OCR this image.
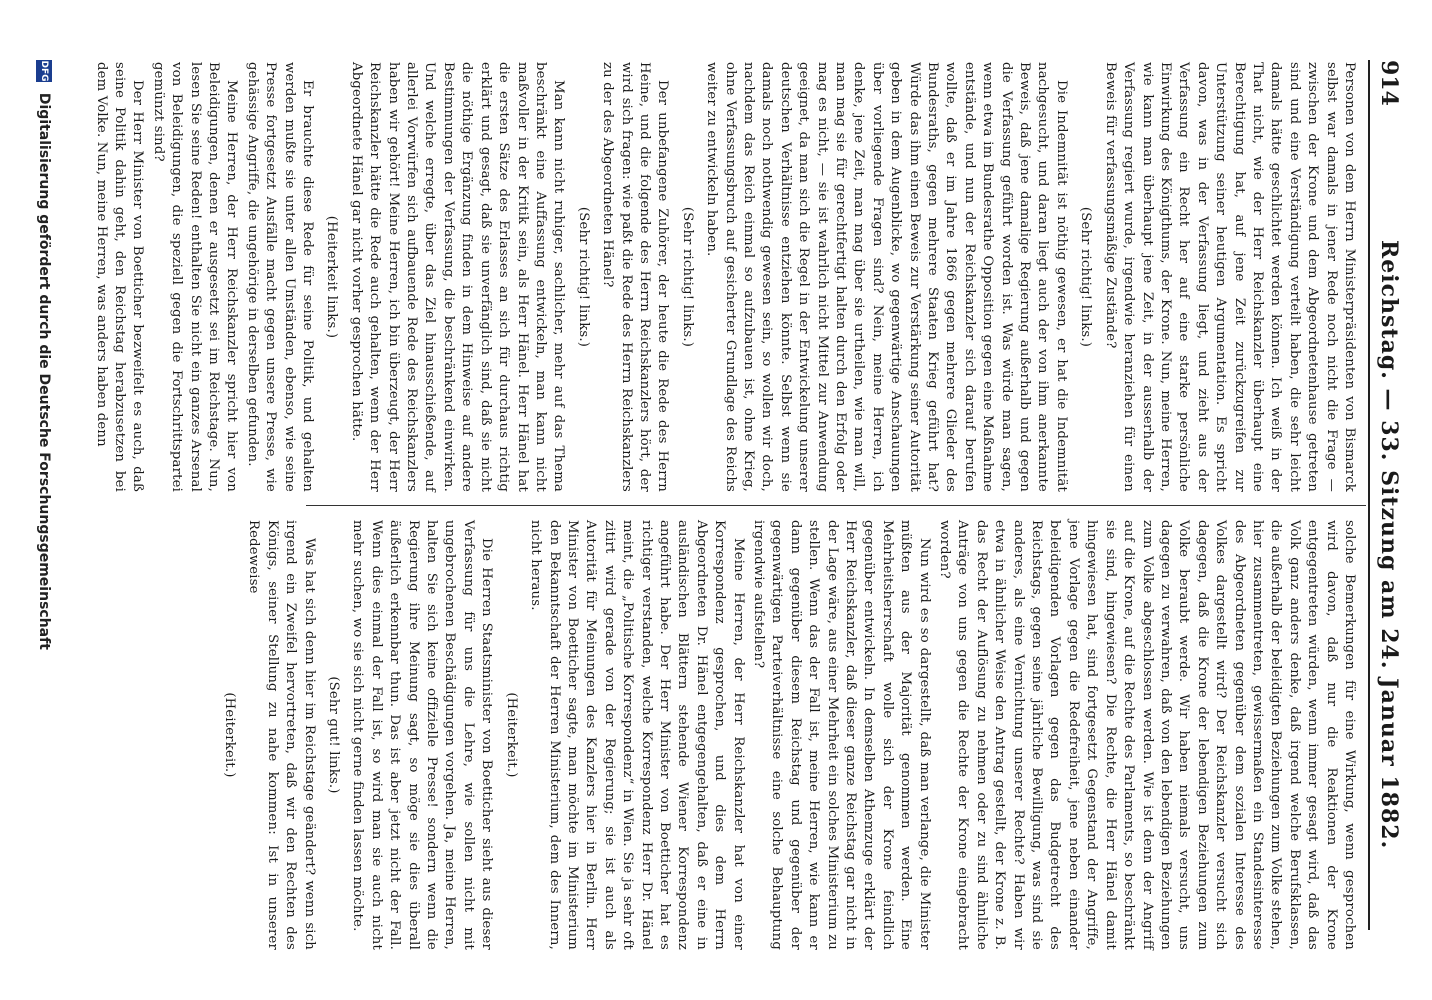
914
Reichstag. — 33. Sitzung am 24. Januar 1882.

Personen von dem Herrn Ministerpräsidenten von Bismarck selbst war damals in jener Rede noch nicht die Frage — zwischen der Krone und dem Abgeordnetenhause getreten sind und eine Verständigung verteilt haben, die sehr leicht damals hätte geschlichtet werden können. Ich weiß in der That nicht, wie der Herr Reichskanzler überhaupt eine Berechtigung hat, auf jene Zeit zurückzugreifen zur Unterstützung seiner heutigen Argumentation. Es spricht davon, was in der Verfassung liegt, und zieht aus der Verfassung ein Recht her auf eine starke persönliche Einwirkung des Königthums, der Krone. Nun, meine Herren, wie kann man überhaupt jene Zeit, in der ausserhalb der Verfassung regiert wurde, irgendwie heranziehen für einen Beweis für verfassungsmäßige Zustände?

(Sehr richtig! links.)

Die Indemnität ist nöthig gewesen, er hat die Indemnität nachgesucht, und daran liegt auch der von ihm anerkannte Beweis, daß jene damalige Regierung außerhalb und gegen die Verfassung geführt worden ist. Was würde man sagen, wenn etwa im Bundesrathe Opposition gegen eine Maßnahme entstände, und nun der Reichskanzler sich darauf berufen wollte, daß er im Jahre 1866 gegen mehrere Glieder des Bundesraths, gegen mehrere Staaten Krieg geführt hat? Würde das ihm einen Beweis zur Verstärkung seiner Autorität geben in dem Augenblicke, wo gegenwärtige Anschauungen über vorliegende Fragen sind? Nein, meine Herren, ich denke, jene Zeit, man mag über sie urtheilen, wie man will, man mag sie für gerechtfertigt halten durch den Erfolg oder mag es nicht, — sie ist wahrlich nicht Mittel zur Anwendung geeignet, da man sich die Regel in der Entwickelung unserer deutschen Verhältnisse entziehen könnte. Selbst wenn sie damals noch nothwendig gewesen sein, so wollen wir doch, nachdem das Reich einmal so aufzubauen ist, ohne Krieg, ohne Verfassungsbruch auf gesicherter Grundlage des Reichs weiter zu entwickeln haben.

(Sehr richtig! links.)

Der unbefangene Zuhörer, der heute die Rede des Herrn Heine, und die folgende des Herrn Reichskanzlers hört, der wird sich fragen: wie paßt die Rede des Herrn Reichskanzlers zu der des Abgeordneten Hänel?

(Sehr richtig! links.)

Man kann nicht ruhiger, sachlicher, mehr auf das Thema beschränkt eine Auffassung entwickeln, man kann nicht maßvoller in der Kritik sein, als Herr Hänel. Herr Hänel hat die ersten Sätze des Erlasses an sich für durchaus richtig erklärt und gesagt, daß sie unverfänglich sind, daß sie nicht die nöthige Ergänzung finden in dem Hinweise auf andere Bestimmungen der Verfassung, die beschränkend einwirken. Und welche erregte, über das Ziel hinausschießende, auf allerlei Vorwürfen sich aufbauende Rede des Reichskanzlers haben wir gehört! Meine Herren, ich bin überzeugt, der Herr Reichskanzler hätte die Rede auch gehalten, wenn der Herr Abgeordnete Hänel gar nicht vorher gesprochen hätte.

(Heiterkeit links.)

Er brauchte diese Rede für seine Politik, und gehalten werden mußte sie unter allen Umständen, ebenso, wie seine Presse fortgesetzt Ausfälle macht gegen unsere Presse, wie gehässige Angriffe, die ungehörige in derselben gefunden.

Meine Herren, der Herr Reichskanzler spricht hier von Beleidigungen, denen er ausgesetzt sei im Reichstage. Nun, lesen Sie seine Reden! enthalten Sie nicht ein ganzes Arsenal von Beleidigungen, die speziell gegen die Fortschrittspartei gemünzt sind?

Der Herr Minister von Boetticher bezweifelt es auch, daß seine Politik dahin geht, den Reichstag herabzusetzen bei dem Volke. Nun, meine Herren, was anders haben denn

solche Bemerkungen für eine Wirkung, wenn gesprochen wird davon, daß nur die Reaktionen der Krone entgegentreten würden, wenn immer gesagt wird, daß das Volk ganz anders denke, daß irgend welche Berufsklassen, die außerhalb der beleidigten Beziehungen zum Volke stehen, hier zusammentreten, gewissermaßen ein Standesinteresse des Abgeordneten gegenüber dem sozialen Interesse des Volkes dargestellt wird? Der Reichskanzler versucht sich dagegen, daß die Krone der lebendigen Beziehungen zum Volke beraubt werde. Wir haben niemals versucht, uns dagegen zu verwahren, daß von den lebendigen Beziehungen zum Volke abgeschlossen werden. Wie ist denn der Angriff auf die Krone, auf die Rechte des Parlaments, so beschränkt sie sind, hingewiesen? Die Rechte, die Herr Hänel damit hingewiesen hat, sind fortgesetzt Gegenstand der Angriffe, jene Vorlage gegen die Redefreiheit, jene neben einander beleidigenden Vorlagen gegen das Budgetrecht des Reichstags, gegen seine jährliche Bewilligung, was sind sie anderes, als eine Vernichtung unserer Rechte? Haben wir etwa in ähnlicher Weise den Antrag gestellt, der Krone z. B. das Recht der Auflösung zu nehmen oder zu sind ähnliche Anträge von uns gegen die Rechte der Krone eingebracht worden?

Nun wird es so dargestellt, daß man verlange, die Minister müßten aus der Majorität genommen werden. Eine Mehrheitsherrschaft wolle sich der Krone feindlich gegenüber entwickeln. In demselben Athemzuge erklärt der Herr Reichskanzler, daß dieser ganze Reichstag gar nicht in der Lage wäre, aus einer Mehrheit ein solches Ministerium zu stellen. Wenn das der Fall ist, meine Herren, wie kann er dann gegenüber diesem Reichstag und gegenüber der gegenwärtigen Parteiverhältnisse eine solche Behauptung irgendwie aufstellen?

Meine Herren, der Herr Reichskanzler hat von einer Korrespondenz gesprochen, und dies dem Herrn Abgeordneten Dr. Hänel entgegengehalten, daß er eine in ausländischen Blättern stehende Wiener Korrespondenz angeführt habe. Der Herr Minister von Boetticher hat es richtiger verstanden, welche Korrespondenz Herr Dr. Hänel meint, die „Politische Korrespondenz“ in Wien. Sie ja sehr oft zitirt wird gerade von der Regierung; sie ist auch als Autorität für Meinungen des Kanzlers hier in Berlin. Herr Minister von Boetticher sagte, man möchte im Ministerium den Bekanntschaft der Herren Ministerium, dem des Innern, nicht heraus.

(Heiterkeit.)

Die Herren Staatsminister von Boetticher sieht aus dieser Verfassung für uns die Lehre, wie sollen nicht mit ungebrochenen Beschädigungen vorgehen. Ja, meine Herren, halten Sie sich keine offizielle Presse! sondern wenn die Regierung ihre Meinung sagt, so möge sie dies überall äußerlich erkennbar thun. Das ist aber jetzt nicht der Fall. Wenn dies einmal der Fall ist, so wird man sie auch nicht mehr suchen, wo sie sich nicht gerne finden lassen möchte.

(Sehr gut! links.)

Was hat sich denn hier im Reichstage geändert? wenn sich irgend ein Zweifel hervortreten, daß wir den Rechten des Königs, seiner Stellung zu nahe kommen: Ist in unserer Redeweise

(Heiterkeit.)

DFG Digitalisierung gefördert durch die Deutsche Forschungsgemeinschaft
